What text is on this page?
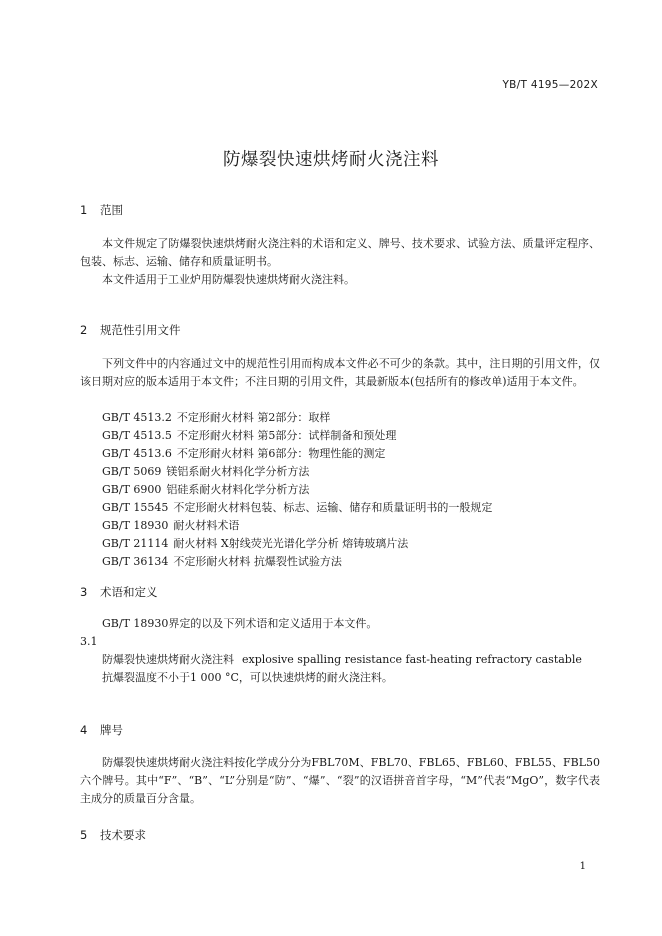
YB/T 4195—202X
防爆裂快速烘烤耐火浇注料
1 范围

本文件规定了防爆裂快速烘烤耐火浇注料的术语和定义、牌号、技术要求、试验方法、质量评定程序、包装、标志、运输、储存和质量证明书。

本文件适用于工业炉用防爆裂快速烘烤耐火浇注料。

2 规范性引用文件

下列文件中的内容通过文中的规范性引用而构成本文件必不可少的条款。其中，注日期的引用文件，仅该日期对应的版本适用于本文件；不注日期的引用文件，其最新版本(包括所有的修改单)适用于本文件。

GB/T 4513.2 不定形耐火材料 第2部分：取样
GB/T 4513.5 不定形耐火材料 第5部分：试样制备和预处理
GB/T 4513.6 不定形耐火材料 第6部分：物理性能的测定
GB/T 5069 镁铝系耐火材料化学分析方法
GB/T 6900 铝硅系耐火材料化学分析方法
GB/T 15545 不定形耐火材料包装、标志、运输、储存和质量证明书的一般规定
GB/T 18930 耐火材料术语
GB/T 21114 耐火材料 X射线荧光光谱化学分析 熔铸玻璃片法
GB/T 36134 不定形耐火材料 抗爆裂性试验方法
3 术语和定义

GB/T 18930界定的以及下列术语和定义适用于本文件。

3.1
防爆裂快速烘烤耐火浇注料 explosive spalling resistance fast-heating refractory castable
抗爆裂温度不小于1 000 °C，可以快速烘烤的耐火浇注料。
4 牌号

防爆裂快速烘烤耐火浇注料按化学成分分为FBL70M、FBL70、FBL65、FBL60、FBL55、FBL50六个牌号。其中“F”、“B”、“L”分别是“防”、“爆”、“裂”的汉语拼音首字母，“M”代表“MgO”，数字代表主成分的质量百分含量。

5 技术要求
1
